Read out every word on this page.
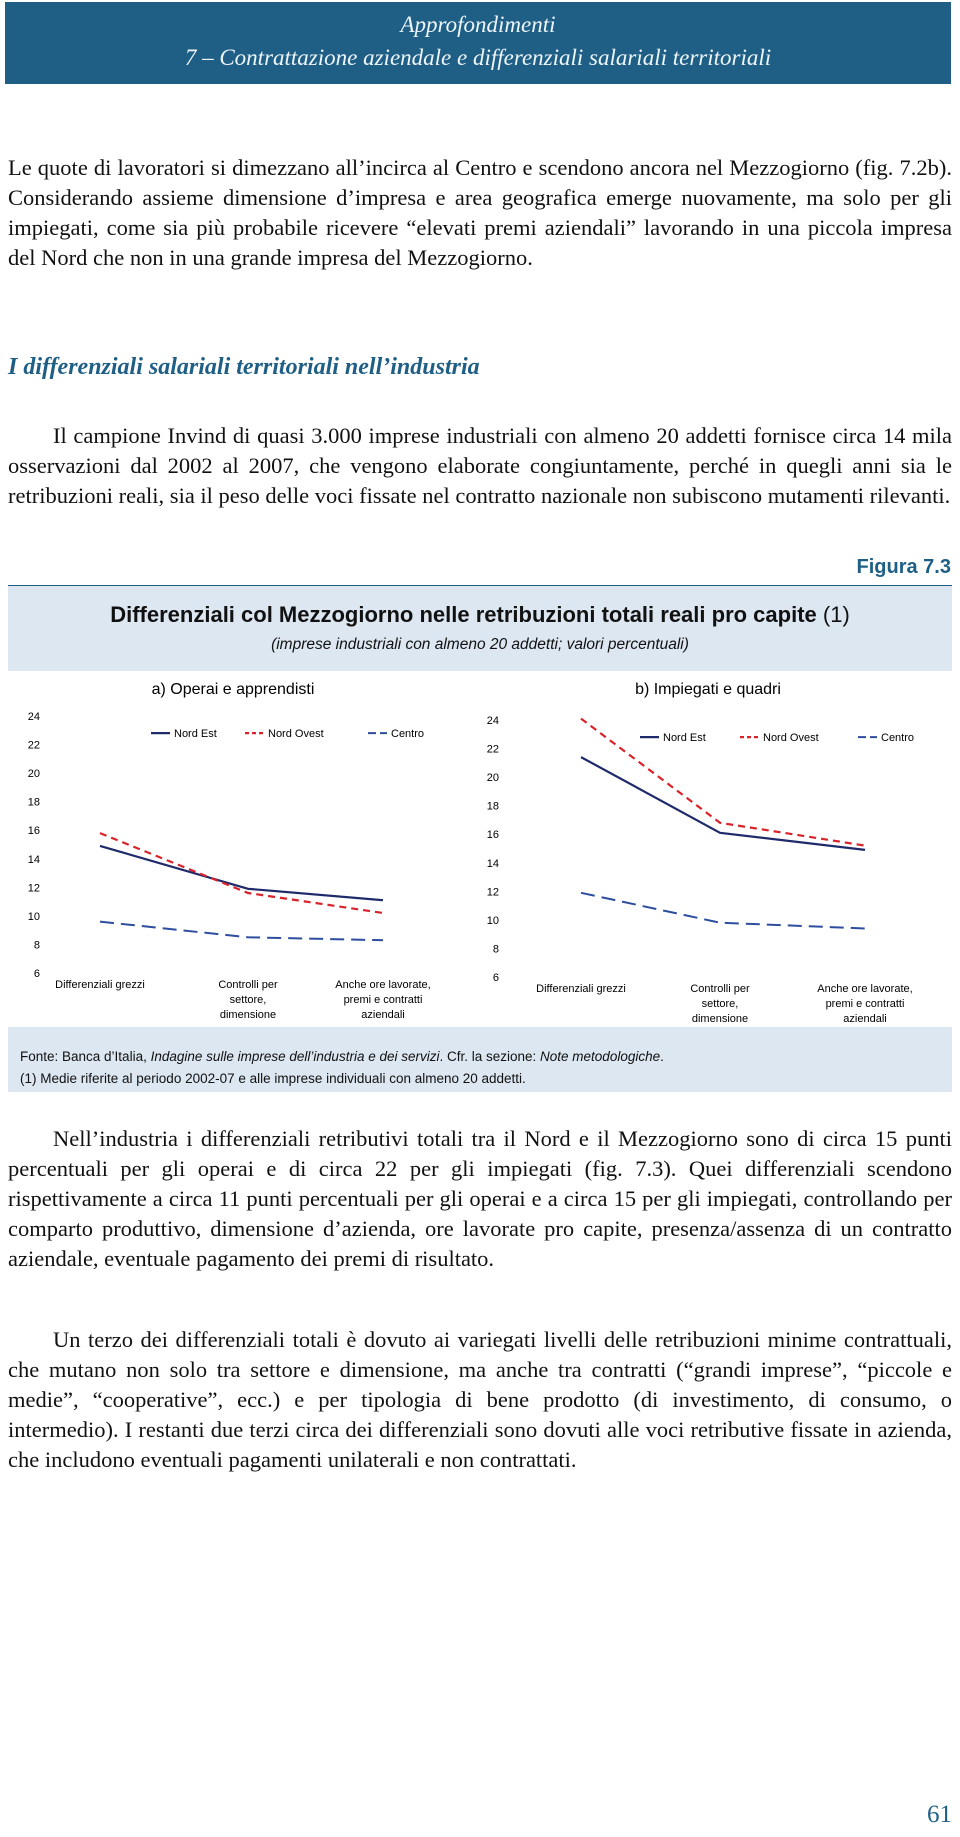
Approfondimenti
7 – Contrattazione aziendale e differenziali salariali territoriali
Le quote di lavoratori si dimezzano all’incirca al Centro e scendono ancora nel Mezzogiorno (fig. 7.2b). Considerando assieme dimensione d’impresa e area geografica emerge nuovamente, ma solo per gli impiegati, come sia più probabile ricevere “elevati premi aziendali” lavorando in una piccola impresa del Nord che non in una grande impresa del Mezzogiorno.
I differenziali salariali territoriali nell’industria
Il campione Invind di quasi 3.000 imprese industriali con almeno 20 addetti fornisce circa 14 mila osservazioni dal 2002 al 2007, che vengono elaborate congiuntamente, perché in quegli anni sia le retribuzioni reali, sia il peso delle voci fissate nel contratto nazionale non subiscono mutamenti rilevanti.
Figura 7.3
Differenziali col Mezzogiorno nelle retribuzioni totali reali pro capite (1)
(imprese industriali con almeno 20 addetti; valori percentuali)
a) Operai e apprendisti
6
8
10
12
14
16
18
20
22
24
Differenziali grezzi	Controlli per
settore,
dimensione
Anche ore lavorate,
premi e contratti
aziendali
Nord Est	Nord Ovest	Centro
b) Impiegati e quadri
6
8
10
12
14
16
18
20
22
24
Differenziali grezzi	Controlli per
settore,
dimensione
Anche ore lavorate,
premi e contratti
aziendali
Nord Est	Nord Ovest	Centro
Fonte: Banca d’Italia, Indagine sulle imprese dell’industria e dei servizi. Cfr. la sezione: Note metodologiche.
(1) Medie riferite al periodo 2002-07 e alle imprese individuali con almeno 20 addetti.
Nell’industria i differenziali retributivi totali tra il Nord e il Mezzogiorno sono di circa 15 punti percentuali per gli operai e di circa 22 per gli impiegati (fig. 7.3). Quei differenziali scendono rispettivamente a circa 11 punti percentuali per gli operai e a circa 15 per gli impiegati, controllando per comparto produttivo, dimensione d’azienda, ore lavorate pro capite, presenza/assenza di un contratto aziendale, eventuale pagamento dei premi di risultato.
Un terzo dei differenziali totali è dovuto ai variegati livelli delle retribuzioni minime contrattuali, che mutano non solo tra settore e dimensione, ma anche tra contratti (“grandi imprese”, “piccole e medie”, “cooperative”, ecc.) e per tipologia di bene prodotto (di investimento, di consumo, o intermedio). I restanti due terzi circa dei differenziali sono dovuti alle voci retributive fissate in azienda, che includono eventuali pagamenti unilaterali e non contrattati.
61
